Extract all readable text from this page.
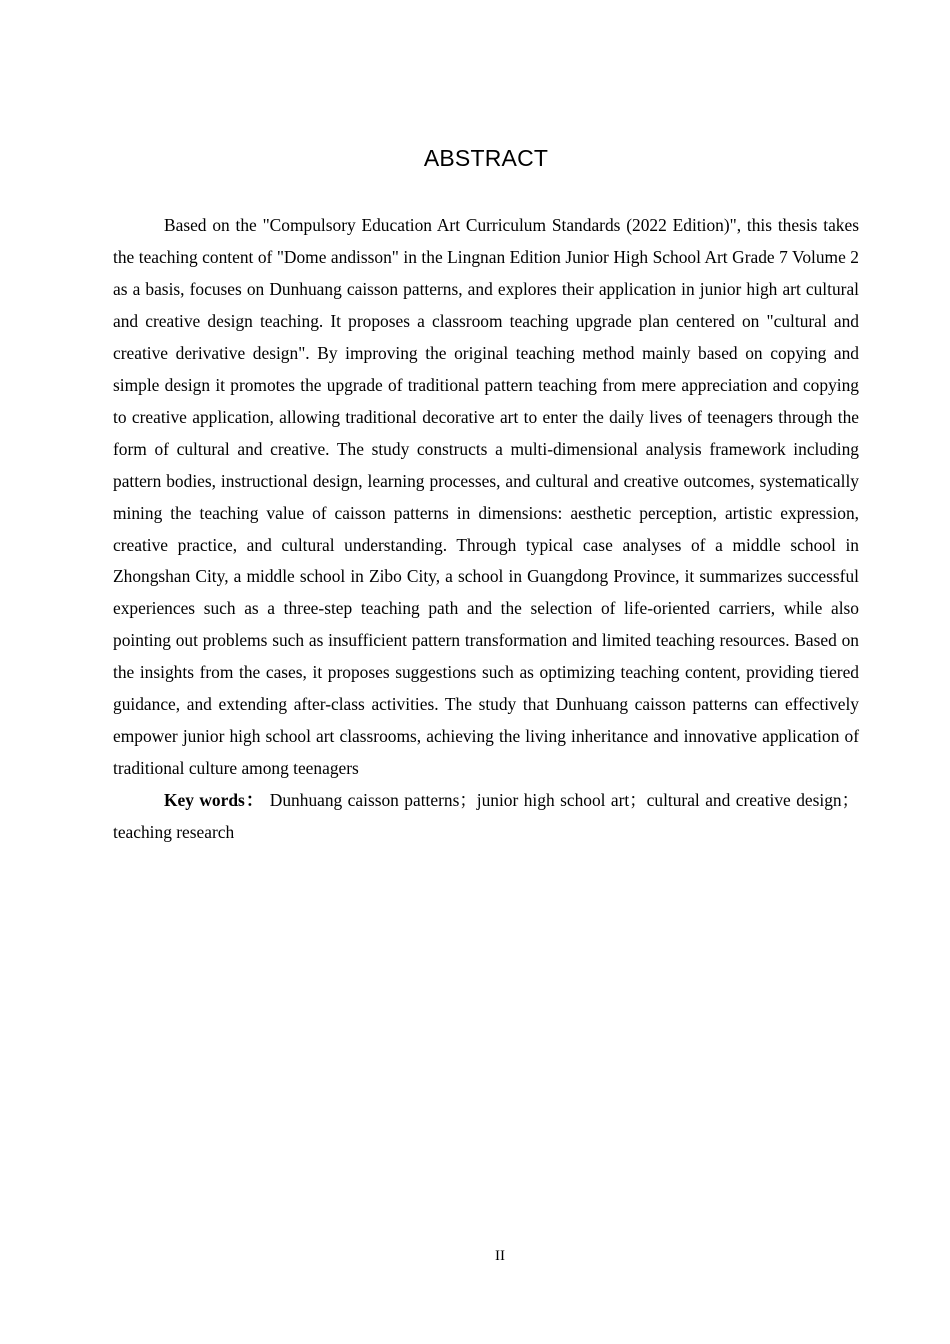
ABSTRACT

Based on the "Compulsory Education Art Curriculum Standards (2022 Edition)", this thesis takes the teaching content of "Dome andisson" in the Lingnan Edition Junior High School Art Grade 7 Volume 2 as a basis, focuses on Dunhuang caisson patterns, and explores their application in junior high art cultural and creative design teaching. It proposes a classroom teaching upgrade plan centered on "cultural and creative derivative design". By improving the original teaching method mainly based on copying and simple design it promotes the upgrade of traditional pattern teaching from mere appreciation and copying to creative application, allowing traditional decorative art to enter the daily lives of teenagers through the form of cultural and creative. The study constructs a multi-dimensional analysis framework including pattern bodies, instructional design, learning processes, and cultural and creative outcomes, systematically mining the teaching value of caisson patterns in dimensions: aesthetic perception, artistic expression, creative practice, and cultural understanding. Through typical case analyses of a middle school in Zhongshan City, a middle school in Zibo City, a school in Guangdong Province, it summarizes successful experiences such as a three-step teaching path and the selection of life-oriented carriers, while also pointing out problems such as insufficient pattern transformation and limited teaching resources. Based on the insights from the cases, it proposes suggestions such as optimizing teaching content, providing tiered guidance, and extending after-class activities. The study that Dunhuang caisson patterns can effectively empower junior high school art classrooms, achieving the living inheritance and innovative application of traditional culture among teenagers

Key words： Dunhuang caisson patterns；junior high school art；cultural and creative design；teaching research

II
